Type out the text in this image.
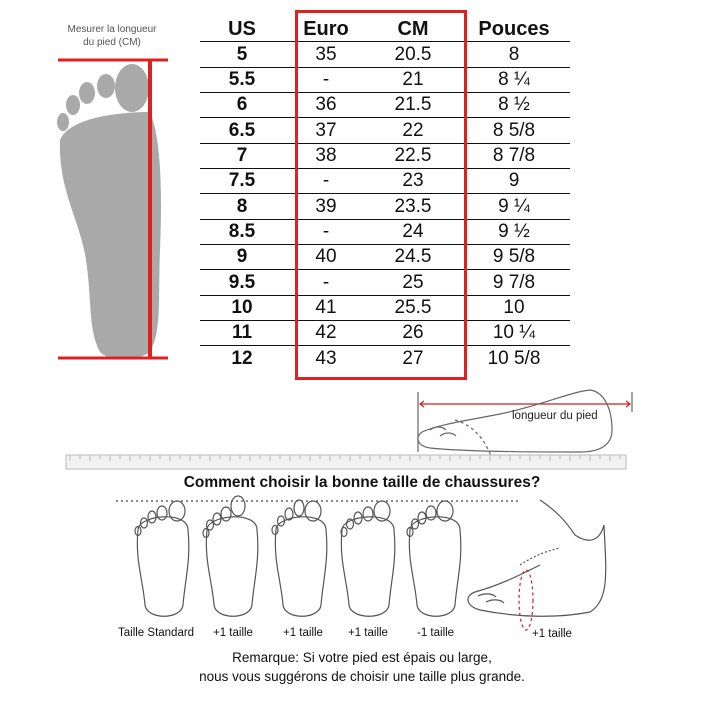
Mesurer la longueur
du pied (CM)
US	Euro	CM	Pouces
5	35	20.5	8
5.5	-	21	8 ¼
6	36	21.5	8 ½
6.5	37	22	8 5/8
7	38	22.5	8 7/8
7.5	-	23	9
8	39	23.5	9 ¼
8.5	-	24	9 ½
9	40	24.5	9 5/8
9.5	-	25	9 7/8
10	41	25.5	10
11	42	26	10 ¼
12	43	27	10 5/8
longueur du pied
Comment choisir la bonne taille de chaussures?
Taille Standard +1 taille	+1 taille +1 taille	-1 taille	+1 taille
Remarque: Si votre pied est épais ou large,
nous vous suggérons de choisir une taille plus grande.
